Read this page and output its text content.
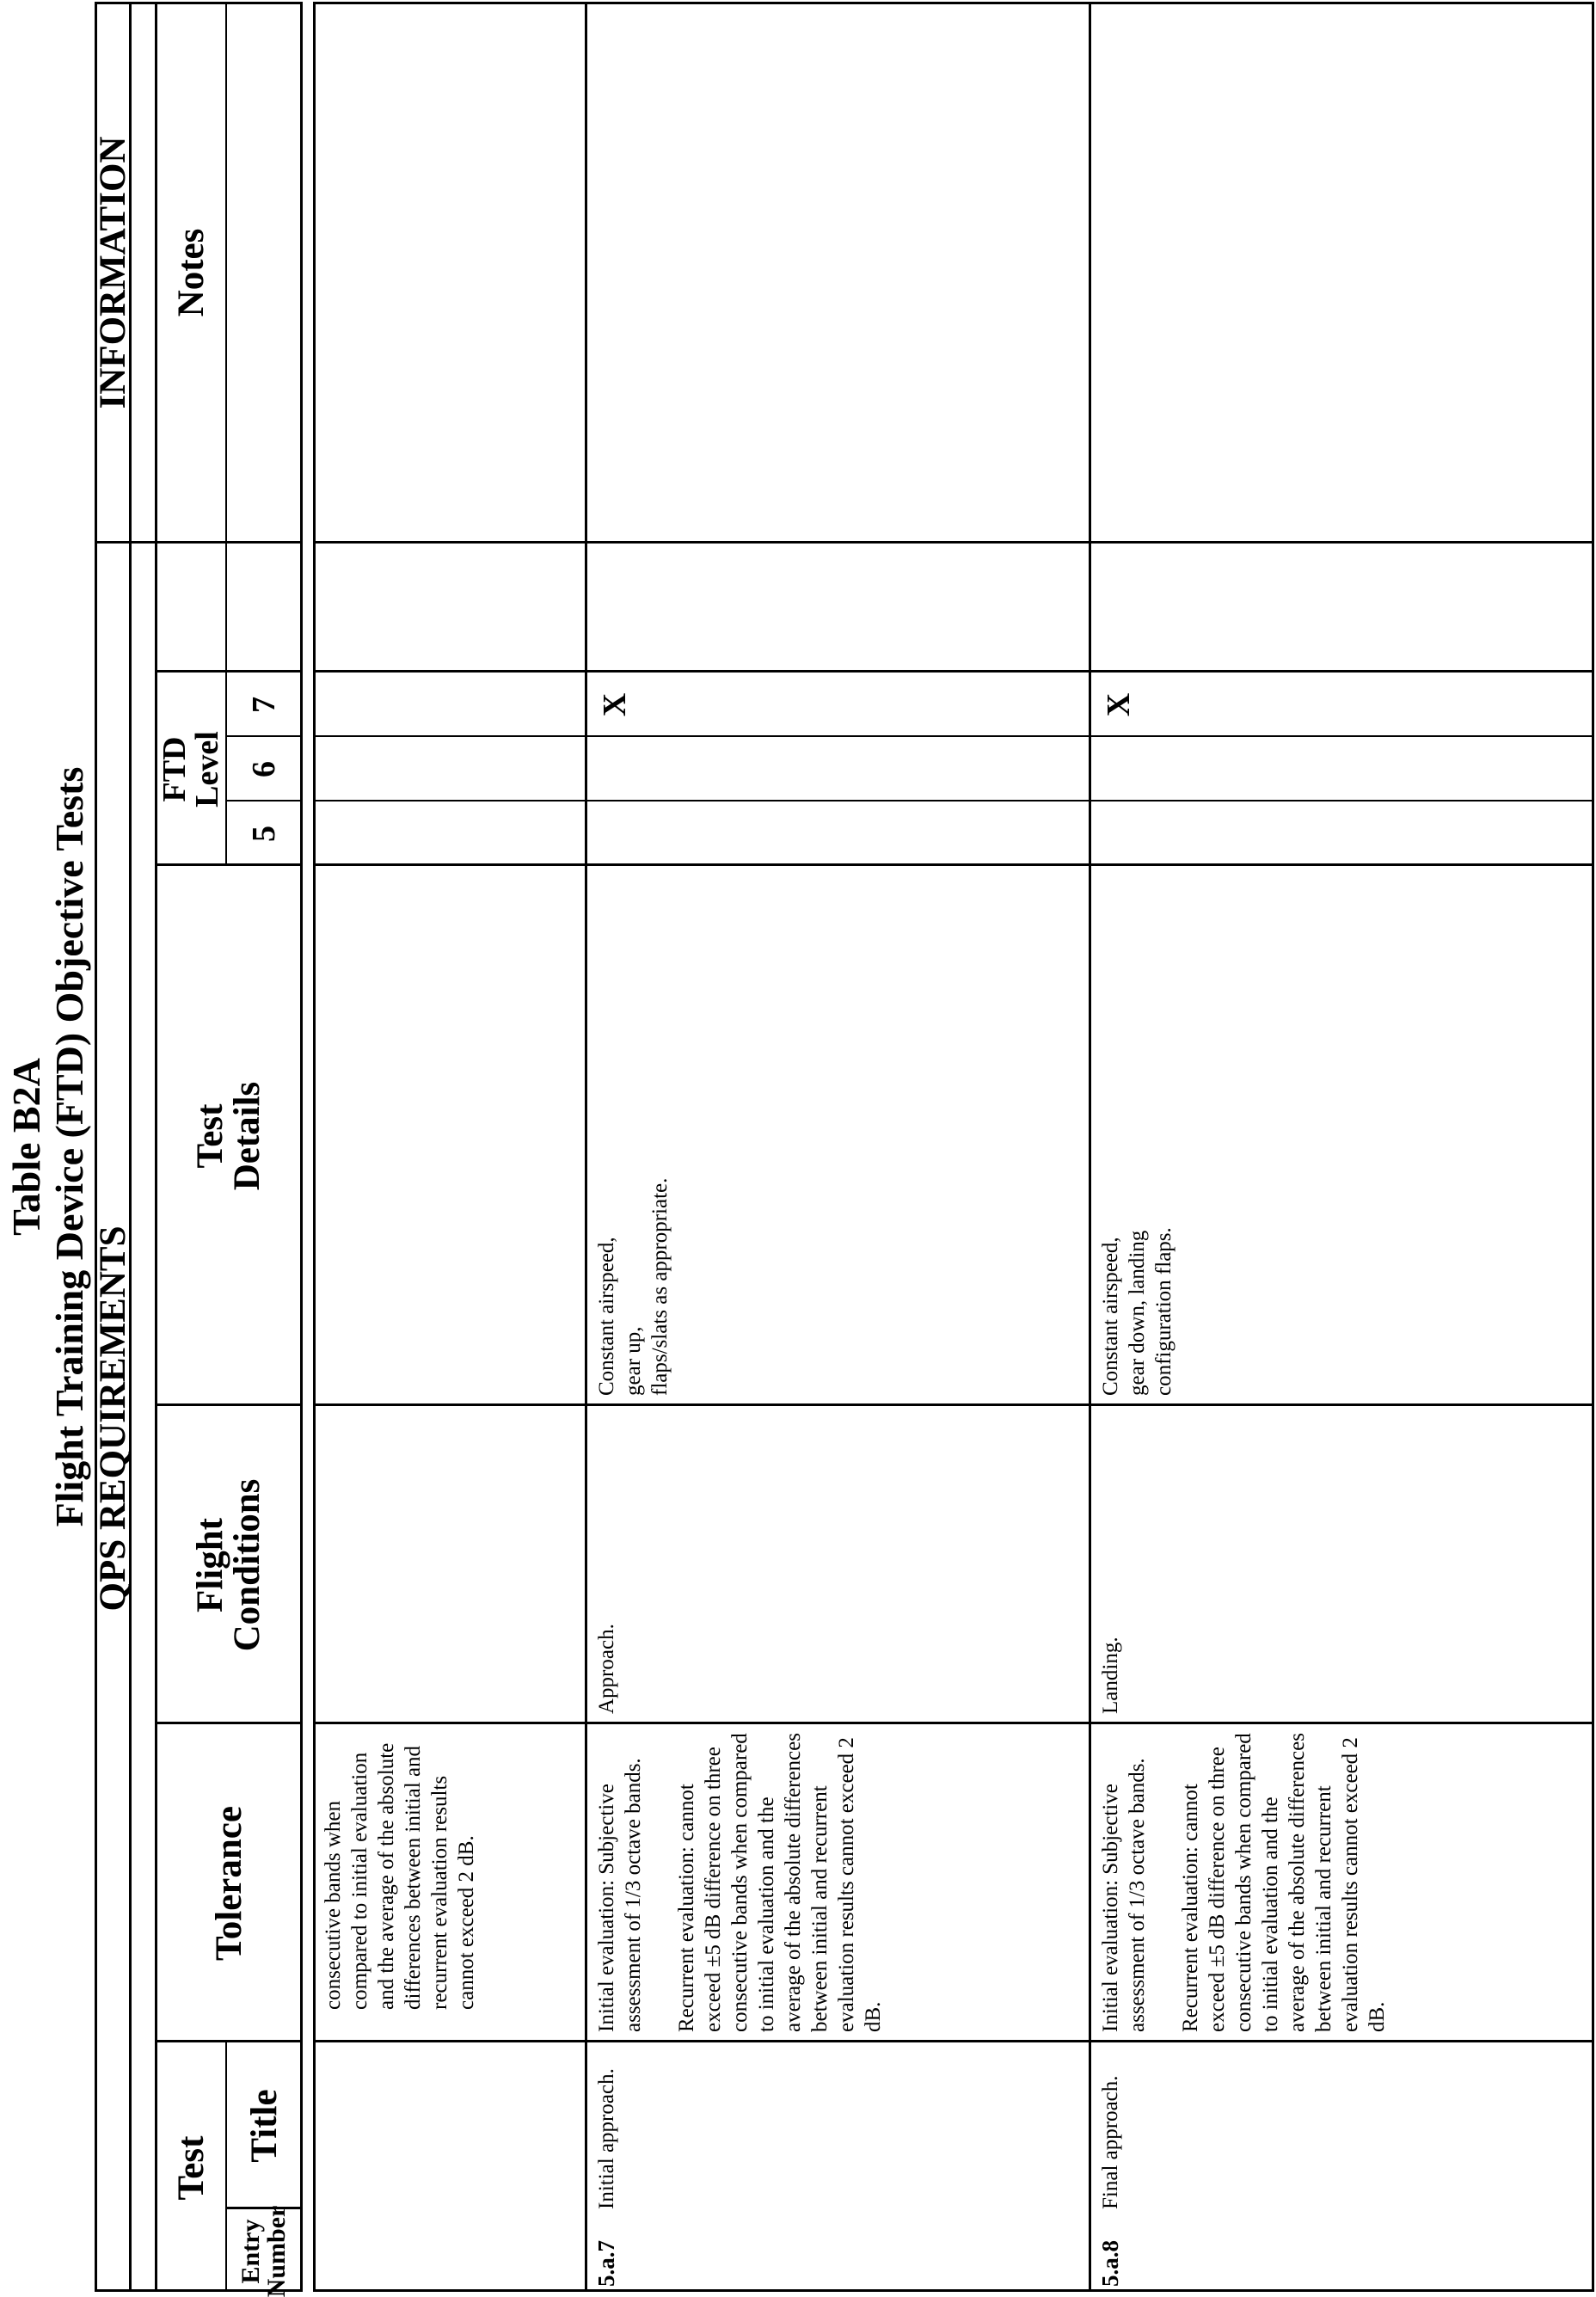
Table B2A Flight Training Device (FTD) Objective Tests QPS REQUIREMENTS
INFORMATION
Test
Entry
Number
Title
Tolerance
Flight
Conditions
Test
Details
FTD
Level
5
6
7
Notes
consecutive bands when compared to initial evaluation and the average of the absolute differences between initial and recurrent evaluation results cannot exceed 2 dB.
5.a.7
Initial approach.
Initial evaluation: Subjective assessment of 1/3 octave bands.

Recurrent evaluation: cannot exceed ±5 dB difference on three consecutive bands when compared to initial evaluation and the average of the absolute differences between initial and recurrent evaluation results cannot exceed 2 dB.
Approach.
Constant airspeed,
gear up,
flaps/slats as appropriate.
X
5.a.8
Final approach.
Initial evaluation: Subjective assessment of 1/3 octave bands.

Recurrent evaluation: cannot exceed ±5 dB difference on three consecutive bands when compared to initial evaluation and the average of the absolute differences between initial and recurrent evaluation results cannot exceed 2 dB.
Landing.
Constant airspeed,
gear down, landing
configuration flaps.
X
